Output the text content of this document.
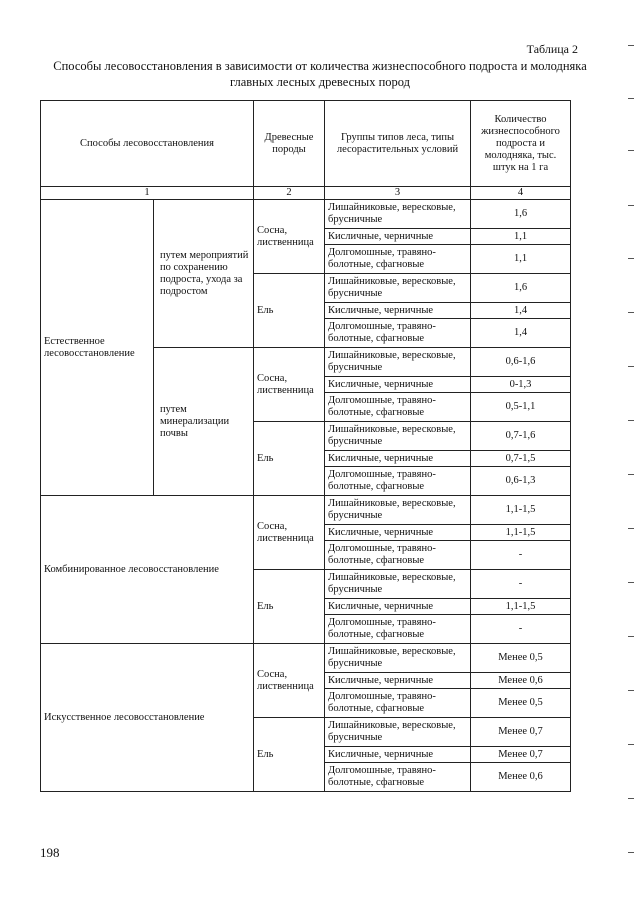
Таблица 2
Способы лесовосстановления в зависимости от количества жизнеспособного подроста и молодняка главных лесных древесных пород
Способы лесовосстановления		Древесные породы	Группы типов леса, типы лесорастительных условий	Количество жизнеспособного подроста и молодняка, тыс. штук на 1 га
1		2	3	4
Естественное лесовосстановление	путем мероприятий по сохранению подроста, ухода за подростом	Сосна, лиственница	Лишайниковые, вересковые, брусничные	1,6
			Кисличные, черничные	1,1
			Долгомошные, травяно-болотные, сфагновые	1,1
		Ель	Лишайниковые, вересковые, брусничные	1,6
			Кисличные, черничные	1,4
			Долгомошные, травяно-болотные, сфагновые	1,4
	путем минерализации почвы	Сосна, лиственница	Лишайниковые, вересковые, брусничные	0,6-1,6
			Кисличные, черничные	0-1,3
			Долгомошные, травяно-болотные, сфагновые	0,5-1,1
		Ель	Лишайниковые, вересковые, брусничные	0,7-1,6
			Кисличные, черничные	0,7-1,5
			Долгомошные, травяно-болотные, сфагновые	0,6-1,3
Комбинированное лесовосстановление		Сосна, лиственница	Лишайниковые, вересковые, брусничные	1,1-1,5
			Кисличные, черничные	1,1-1,5
			Долгомошные, травяно-болотные, сфагновые	-
		Ель	Лишайниковые, вересковые, брусничные	-
			Кисличные, черничные	1,1-1,5
			Долгомошные, травяно-болотные, сфагновые	-
Искусственное лесовосстановление		Сосна, лиственница	Лишайниковые, вересковые, брусничные	Менее 0,5
			Кисличные, черничные	Менее 0,6
			Долгомошные, травяно-болотные, сфагновые	Менее 0,5
		Ель	Лишайниковые, вересковые, брусничные	Менее 0,7
			Кисличные, черничные	Менее 0,7
			Долгомошные, травяно-болотные, сфагновые	Менее 0,6
198
